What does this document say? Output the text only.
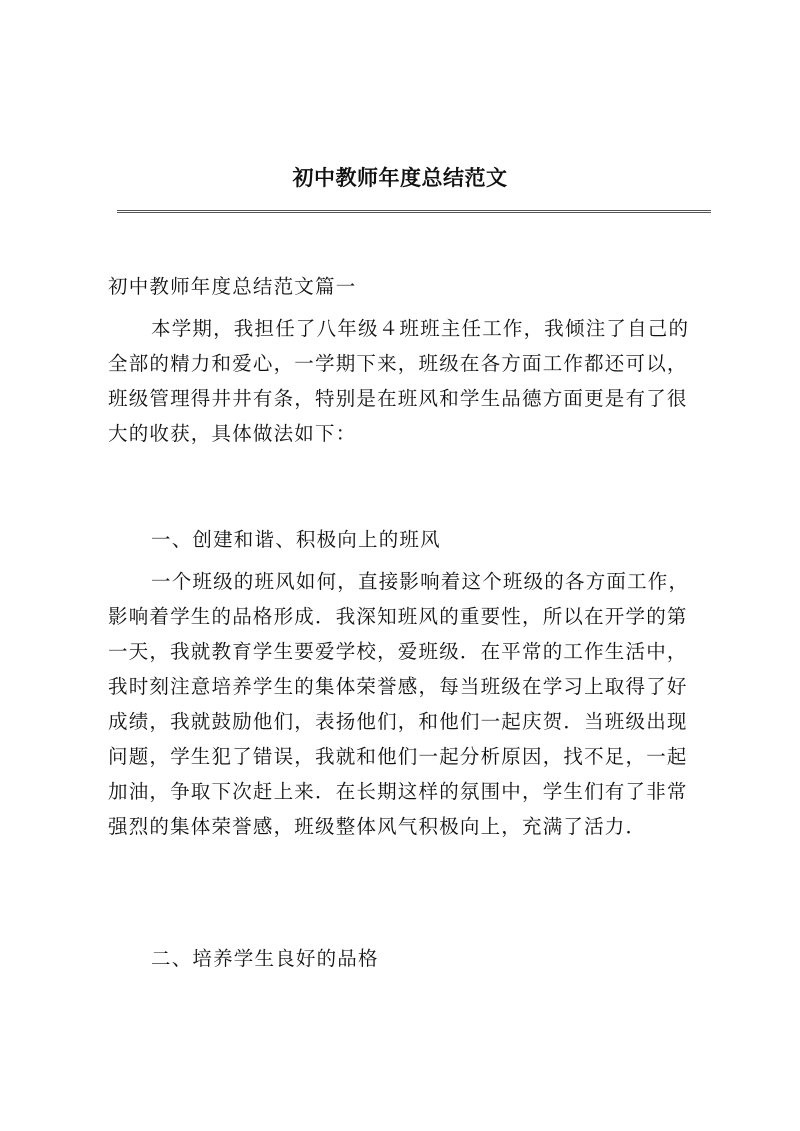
初中教师年度总结范文
初中教师年度总结范文篇一
本学期，我担任了八年级４班班主任工作，我倾注了自己的
全部的精力和爱心，一学期下来，班级在各方面工作都还可以，
班级管理得井井有条，特别是在班风和学生品德方面更是有了很
大的收获，具体做法如下：
一、创建和谐、积极向上的班风
一个班级的班风如何，直接影响着这个班级的各方面工作，
影响着学生的品格形成．我深知班风的重要性，所以在开学的第
一天，我就教育学生要爱学校，爱班级．在平常的工作生活中，
我时刻注意培养学生的集体荣誉感，每当班级在学习上取得了好
成绩，我就鼓励他们，表扬他们，和他们一起庆贺．当班级出现
问题，学生犯了错误，我就和他们一起分析原因，找不足，一起
加油，争取下次赶上来．在长期这样的氛围中，学生们有了非常
强烈的集体荣誉感，班级整体风气积极向上，充满了活力．
二、培养学生良好的品格
